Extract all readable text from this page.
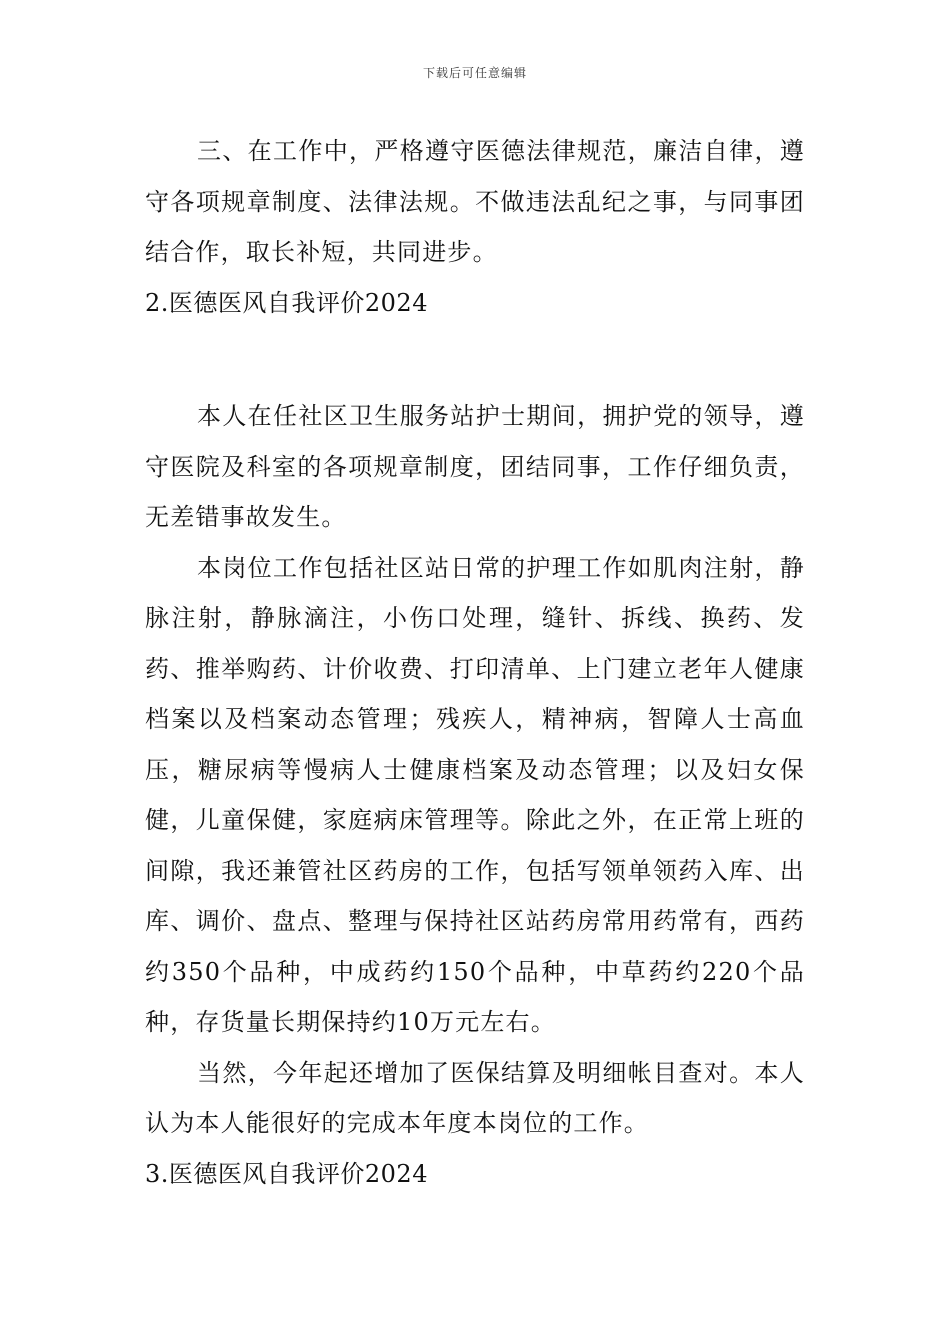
下载后可任意编辑

三、在工作中，严格遵守医德法律规范，廉洁自律，遵守各项规章制度、法律法规。不做违法乱纪之事，与同事团结合作，取长补短，共同进步。

2.医德医风自我评价2024

本人在任社区卫生服务站护士期间，拥护党的领导，遵守医院及科室的各项规章制度，团结同事，工作仔细负责，无差错事故发生。

本岗位工作包括社区站日常的护理工作如肌肉注射，静脉注射，静脉滴注，小伤口处理，缝针、拆线、换药、发药、推举购药、计价收费、打印清单、上门建立老年人健康档案以及档案动态管理；残疾人，精神病，智障人士高血压，糖尿病等慢病人士健康档案及动态管理；以及妇女保健，儿童保健，家庭病床管理等。除此之外，在正常上班的间隙，我还兼管社区药房的工作，包括写领单领药入库、出库、调价、盘点、整理与保持社区站药房常用药常有，西药约350个品种，中成药约150个品种，中草药约220个品种，存货量长期保持约10万元左右。

当然，今年起还增加了医保结算及明细帐目查对。本人认为本人能很好的完成本年度本岗位的工作。

3.医德医风自我评价2024
